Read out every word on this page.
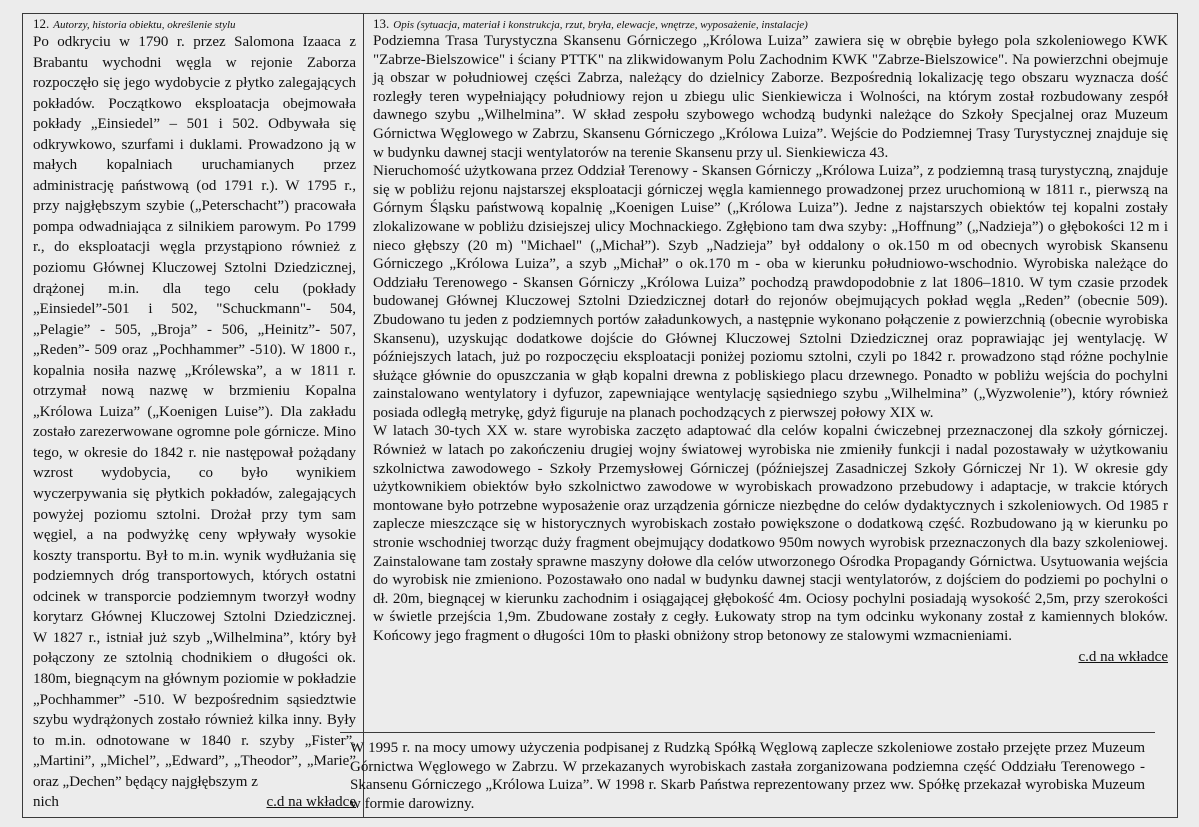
12. Autorzy, historia obiektu, określenie stylu

Po odkryciu w 1790 r. przez Salomona Izaaca z Brabantu wychodni węgla w rejonie Zaborza rozpoczęło się jego wydobycie z płytko zalegających pokładów. Początkowo eksploatacja obejmowała pokłady „Einsiedel” – 501 i 502. Odbywała się odkrywkowo, szurfami i duklami. Prowadzono ją w małych kopalniach uruchamianych przez administrację państwową (od 1791 r.). W 1795 r., przy najgłębszym szybie („Peterschacht”) pracowała pompa odwadniająca z silnikiem parowym. Po 1799 r., do eksploatacji węgla przystąpiono również z poziomu Głównej Kluczowej Sztolni Dziedzicznej, drążonej m.in. dla tego celu (pokłady „Einsiedel”-501 i 502, "Schuckmann"- 504, „Pelagie” - 505, „Broja” - 506, „Heinitz”- 507, „Reden”- 509 oraz „Pochhammer” -510). W 1800 r., kopalnia nosiła nazwę „Królewska”, a w 1811 r. otrzymał nową nazwę w brzmieniu Kopalna „Królowa Luiza” („Koenigen Luise”). Dla zakładu zostało zarezerwowane ogromne pole górnicze. Mino tego, w okresie do 1842 r. nie następował pożądany wzrost wydobycia, co było wynikiem wyczerpywania się płytkich pokładów, zalegających powyżej poziomu sztolni. Drożał przy tym sam węgiel, a na podwyżkę ceny wpływały wysokie koszty transportu. Był to m.in. wynik wydłużania się podziemnych dróg transportowych, których ostatni odcinek w transporcie podziemnym tworzył wodny korytarz Głównej Kluczowej Sztolni Dziedzicznej. W 1827 r., istniał już szyb „Wilhelmina”, który był połączony ze sztolnią chodnikiem o długości ok. 180m, biegnącym na głównym poziomie w pokładzie „Pochhammer” -510. W bezpośrednim sąsiedztwie szybu wydrążonych zostało również kilka inny. Były to m.in. odnotowane w 1840 r. szyby „Fister”, „Martini”, „Michel”, „Edward”, „Theodor”, „Marie” oraz „Dechen” będący najgłębszym z

nich	c.d na wkładce
13. Opis (sytuacja, materiał i konstrukcja, rzut, bryła, elewacje, wnętrze, wyposażenie, instalacje)

Podziemna Trasa Turystyczna Skansenu Górniczego „Królowa Luiza” zawiera się w obrębie byłego pola szkoleniowego KWK "Zabrze-Bielszowice" i ściany PTTK" na zlikwidowanym Polu Zachodnim KWK "Zabrze-Bielszowice". Na powierzchni obejmuje ją obszar w południowej części Zabrza, należący do dzielnicy Zaborze. Bezpośrednią lokalizację tego obszaru wyznacza dość rozległy teren wypełniający południowy rejon u zbiegu ulic Sienkiewicza i Wolności, na którym został rozbudowany zespół dawnego szybu „Wilhelmina”. W skład zespołu szybowego wchodzą budynki należące do Szkoły Specjalnej oraz Muzeum Górnictwa Węglowego w Zabrzu, Skansenu Górniczego „Królowa Luiza”. Wejście do Podziemnej Trasy Turystycznej znajduje się w budynku dawnej stacji wentylatorów na terenie Skansenu przy ul. Sienkiewicza 43.

Nieruchomość użytkowana przez Oddział Terenowy - Skansen Górniczy „Królowa Luiza”, z podziemną trasą turystyczną, znajduje się w pobliżu rejonu najstarszej eksploatacji górniczej węgla kamiennego prowadzonej przez uruchomioną w 1811 r., pierwszą na Górnym Śląsku państwową kopalnię „Koenigen Luise” („Królowa Luiza”). Jedne z najstarszych obiektów tej kopalni zostały zlokalizowane w pobliżu dzisiejszej ulicy Mochnackiego. Zgłębiono tam dwa szyby: „Hoffnung” („Nadzieja”) o głębokości 12 m i nieco głębszy (20 m) "Michael" („Michał”). Szyb „Nadzieja” był oddalony o ok.150 m od obecnych wyrobisk Skansenu Górniczego „Królowa Luiza”, a szyb „Michał” o ok.170 m - oba w kierunku południowo-wschodnio. Wyrobiska należące do Oddziału Terenowego - Skansen Górniczy „Królowa Luiza” pochodzą prawdopodobnie z lat 1806–1810. W tym czasie przodek budowanej Głównej Kluczowej Sztolni Dziedzicznej dotarł do rejonów obejmujących pokład węgla „Reden” (obecnie 509). Zbudowano tu jeden z podziemnych portów załadunkowych, a następnie wykonano połączenie z powierzchnią (obecnie wyrobiska Skansenu), uzyskując dodatkowe dojście do Głównej Kluczowej Sztolni Dziedzicznej oraz poprawiając jej wentylację. W późniejszych latach, już po rozpoczęciu eksploatacji poniżej poziomu sztolni, czyli po 1842 r. prowadzono stąd różne pochylnie służące głównie do opuszczania w głąb kopalni drewna z pobliskiego placu drzewnego. Ponadto w pobliżu wejścia do pochylni zainstalowano wentylatory i dyfuzor, zapewniające wentylację sąsiedniego szybu „Wilhelmina” („Wyzwolenie”), który również posiada odległą metrykę, gdyż figuruje na planach pochodzących z pierwszej połowy XIX w.

W latach 30-tych XX w. stare wyrobiska zaczęto adaptować dla celów kopalni ćwiczebnej przeznaczonej dla szkoły górniczej. Również w latach po zakończeniu drugiej wojny światowej wyrobiska nie zmieniły funkcji i nadal pozostawały w użytkowaniu szkolnictwa zawodowego - Szkoły Przemysłowej Górniczej (późniejszej Zasadniczej Szkoły Górniczej Nr 1). W okresie gdy użytkownikiem obiektów było szkolnictwo zawodowe w wyrobiskach prowadzono przebudowy i adaptacje, w trakcie których montowane było potrzebne wyposażenie oraz urządzenia górnicze niezbędne do celów dydaktycznych i szkoleniowych. Od 1985 r zaplecze mieszczące się w historycznych wyrobiskach zostało powiększone o dodatkową część. Rozbudowano ją w kierunku po stronie wschodniej tworząc duży fragment obejmujący dodatkowo 950m nowych wyrobisk przeznaczonych dla bazy szkoleniowej. Zainstalowane tam zostały sprawne maszyny dołowe dla celów utworzonego Ośrodka Propagandy Górnictwa. Usytuowania wejścia do wyrobisk nie zmieniono. Pozostawało ono nadal w budynku dawnej stacji wentylatorów, z dojściem do podziemi po pochylni o dł. 20m, biegnącej w kierunku zachodnim i osiągającej głębokość 4m. Ociosy pochylni posiadają wysokość 2,5m, przy szerokości w świetle przejścia 1,9m. Zbudowane zostały z cegły. Łukowaty strop na tym odcinku wykonany został z kamiennych bloków. Końcowy jego fragment o długości 10m to płaski obniżony strop betonowy ze stalowymi wzmacnieniami.

c.d na wkładce
W 1995 r. na mocy umowy użyczenia podpisanej z Rudzką Spółką Węglową zaplecze szkoleniowe zostało przejęte przez Muzeum Górnictwa Węglowego w Zabrzu. W przekazanych wyrobiskach zastała zorganizowana podziemna część Oddziału Terenowego - Skansenu Górniczego „Królowa Luiza”. W 1998 r. Skarb Państwa reprezentowany przez ww. Spółkę przekazał wyrobiska Muzeum w formie darowizny.
